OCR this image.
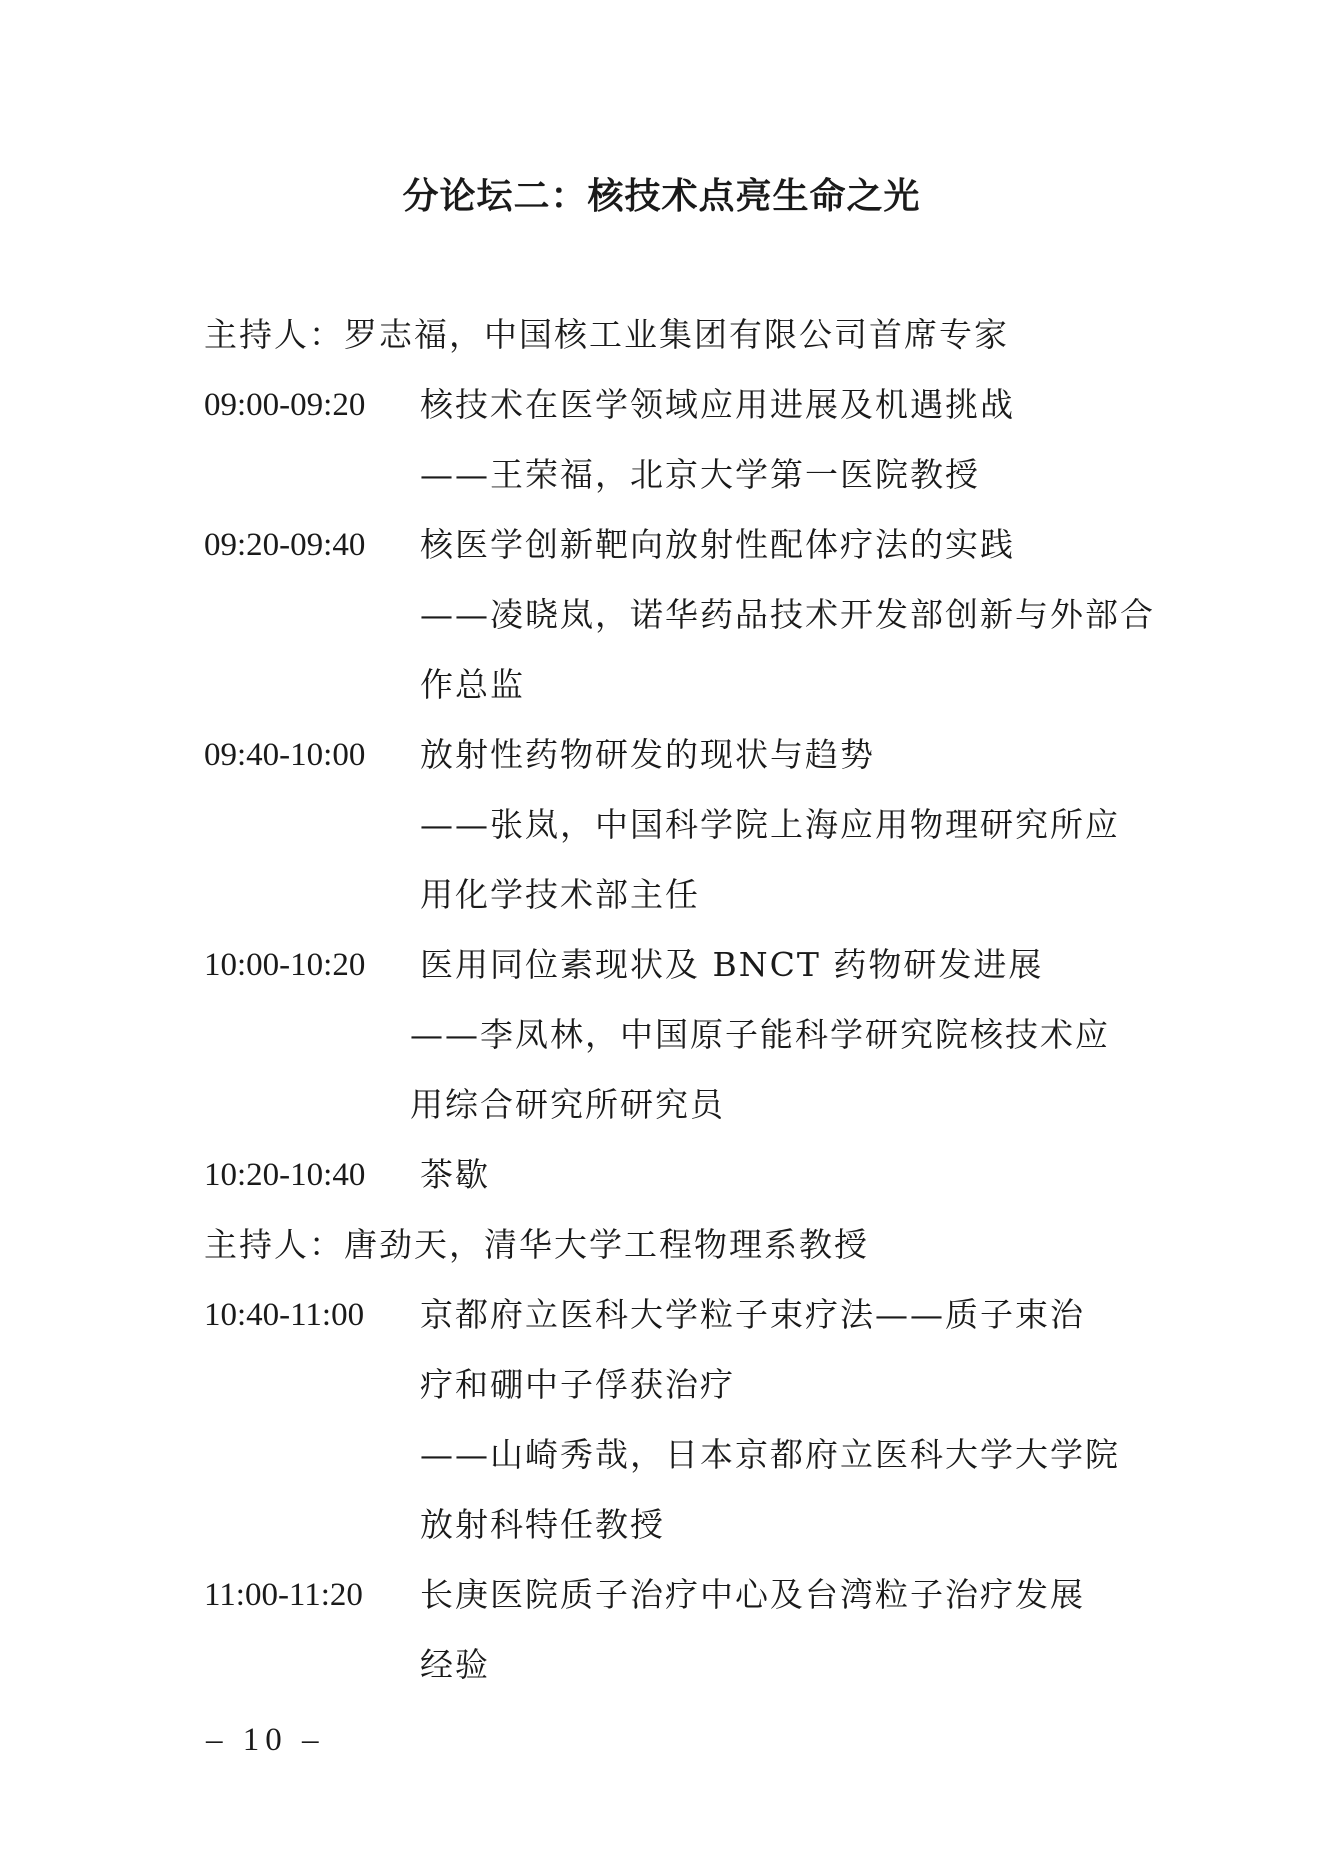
分论坛二：核技术点亮生命之光
主持人：罗志福，中国核工业集团有限公司首席专家
09:00-09:20 核技术在医学领域应用进展及机遇挑战
——王荣福，北京大学第一医院教授
09:20-09:40 核医学创新靶向放射性配体疗法的实践
——凌晓岚，诺华药品技术开发部创新与外部合
作总监
09:40-10:00 放射性药物研发的现状与趋势
——张岚，中国科学院上海应用物理研究所应
用化学技术部主任
10:00-10:20 医用同位素现状及 BNCT 药物研发进展
——李凤林，中国原子能科学研究院核技术应
用综合研究所研究员
10:20-10:40 茶歇
主持人：唐劲天，清华大学工程物理系教授
10:40-11:00 京都府立医科大学粒子束疗法——质子束治
疗和硼中子俘获治疗
——山崎秀哉，日本京都府立医科大学大学院
放射科特任教授
11:00-11:20 长庚医院质子治疗中心及台湾粒子治疗发展
经验
– 10 –
